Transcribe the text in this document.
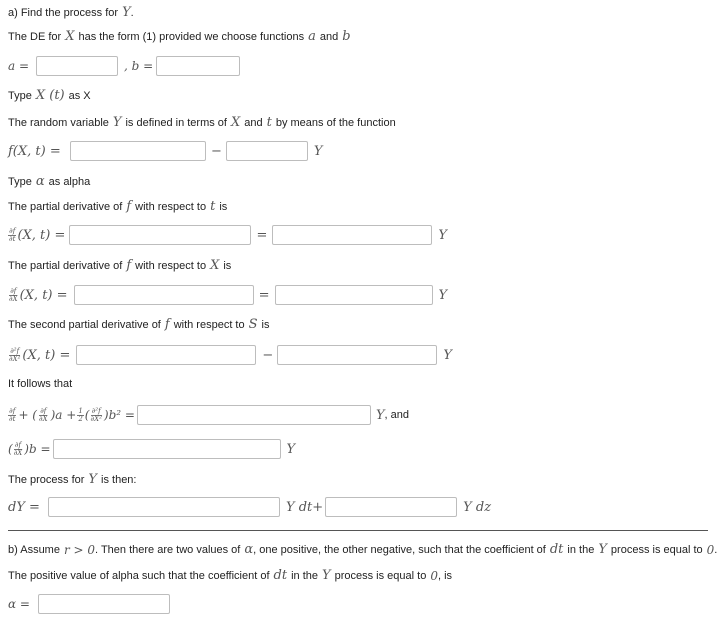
a) Find the process for Y .
The DE for X has the form (1) provided we choose functions a and b
a =	, b =
Type X (t) as X
The random variable Y is defined in terms of X and t by means of the function
f(X, t) =	−	Y
Type α as alpha
The partial derivative of f with respect to t is
$\frac{\partial f}{\partial t} (X$, t) =	=	Y
The partial derivative of f with respect to X is
$\frac{\partial f}{\partial X} (X$, t) =	=	Y
The second partial derivative of f with respect to S is
$\frac{\text{∂²f}}{\text{∂X²}} (X$, t) =	−	Y
It follows that
$\frac{\partial f}{\partial t}$ + ( $\frac{\partial f}{\partial X} )a + \frac{1}{2}$ ( $\frac{\text{∂²f}}{\text{∂X²}} )b^2$ =	Y , and
( $\frac{\partial f}{\partial X} )b$ =	Y
The process for Y is then:
dY =	Y dt+	Y dz
b) Assume r > 0 . Then there are two values of α , one positive, the other negative, such that the coefficient of dt in the Y process is equal to 0
The positive value of alpha such that the coefficient of dt in the Y process is equal to 0 , is
α =
